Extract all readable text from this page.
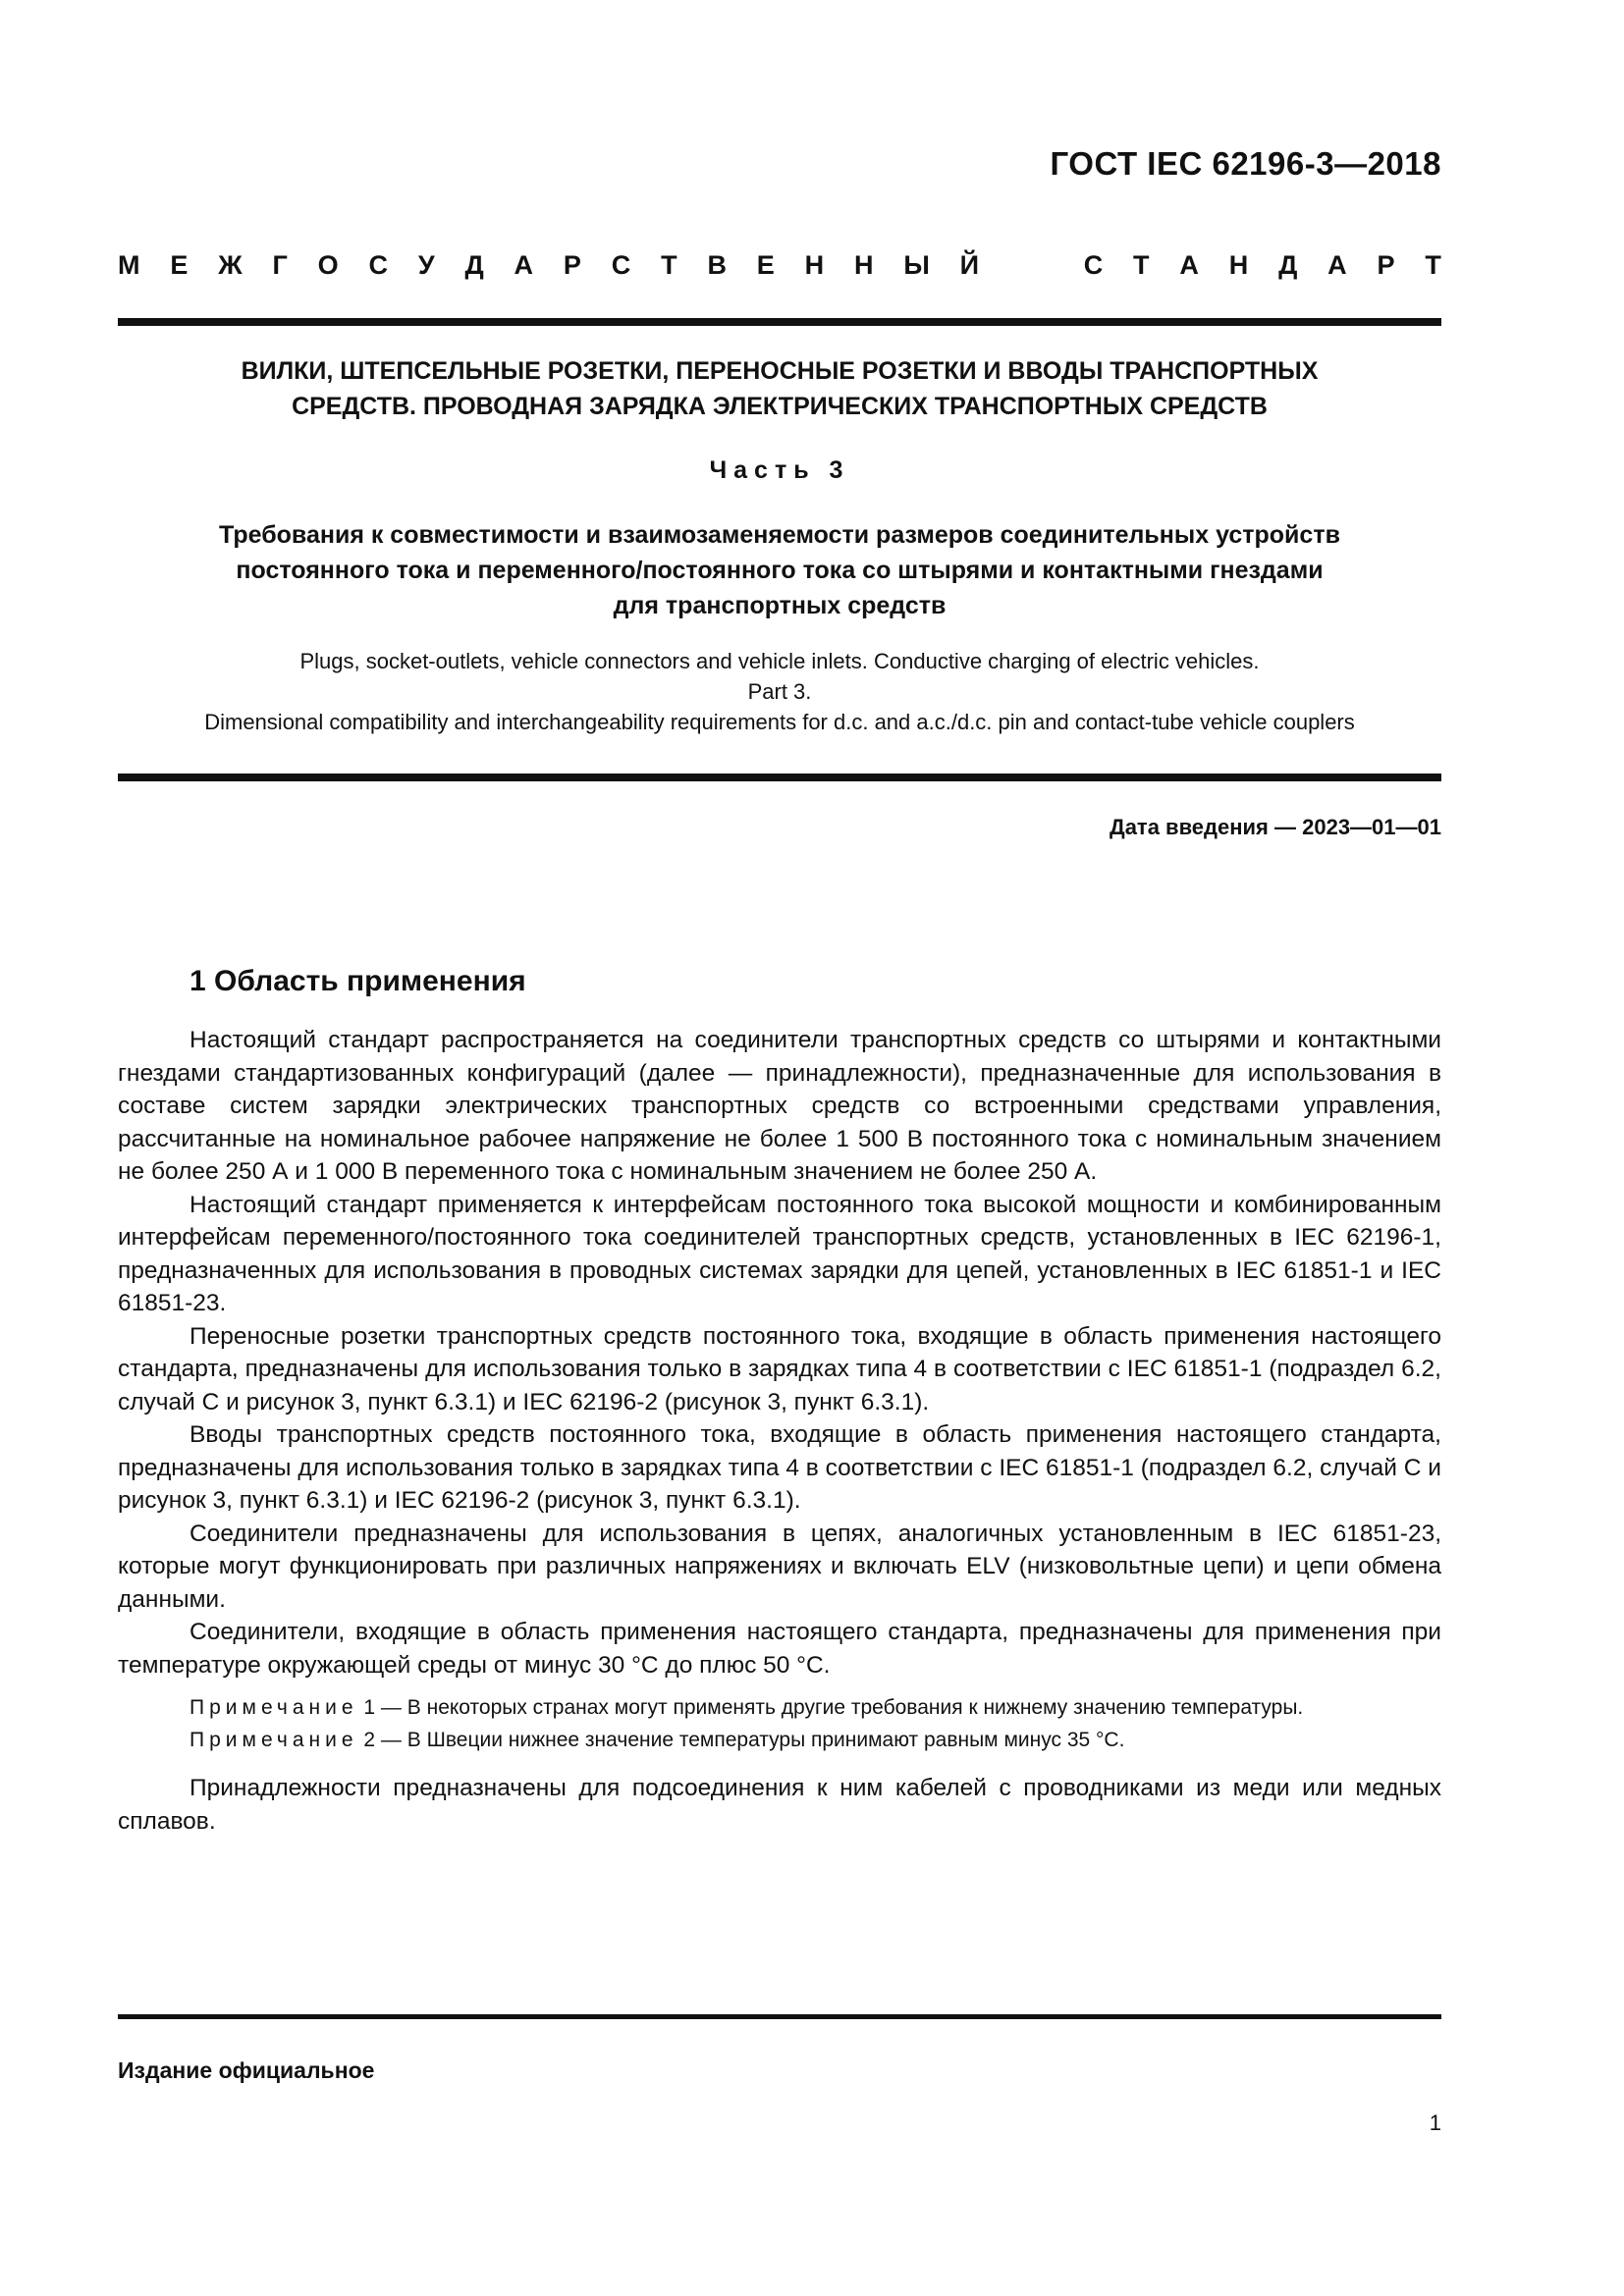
ГОСТ IEC 62196-3—2018
М Е Ж Г О С У Д А Р С Т В Е Н Н Ы Й	С Т А Н Д А Р Т
ВИЛКИ, ШТЕПСЕЛЬНЫЕ РОЗЕТКИ, ПЕРЕНОСНЫЕ РОЗЕТКИ И ВВОДЫ ТРАНСПОРТНЫХ
СРЕДСТВ. ПРОВОДНАЯ ЗАРЯДКА ЭЛЕКТРИЧЕСКИХ ТРАНСПОРТНЫХ СРЕДСТВ
Часть 3
Требования к совместимости и взаимозаменяемости размеров соединительных устройств
постоянного тока и переменного/постоянного тока со штырями и контактными гнездами
для транспортных средств
Plugs, socket-outlets, vehicle connectors and vehicle inlets. Conductive charging of electric vehicles.
Part 3.
Dimensional compatibility and interchangeability requirements for d.c. and a.c./d.c. pin and contact-tube vehicle couplers
Дата введения — 2023—01—01
1 Область применения

Настоящий стандарт распространяется на соединители транспортных средств со штырями и контактными гнездами стандартизованных конфигураций (далее — принадлежности), предназначенные для использования в составе систем зарядки электрических транспортных средств со встроенными средствами управления, рассчитанные на номинальное рабочее напряжение не более 1 500 В постоянного тока с номинальным значением не более 250 А и 1 000 В переменного тока с номинальным значением не более 250 А.

Настоящий стандарт применяется к интерфейсам постоянного тока высокой мощности и комбинированным интерфейсам переменного/постоянного тока соединителей транспортных средств, установленных в IEC 62196-1, предназначенных для использования в проводных системах зарядки для цепей, установленных в IEC 61851-1 и IEC 61851-23.

Переносные розетки транспортных средств постоянного тока, входящие в область применения настоящего стандарта, предназначены для использования только в зарядках типа 4 в соответствии с IEC 61851-1 (подраздел 6.2, случай C и рисунок 3, пункт 6.3.1) и IEC 62196-2 (рисунок 3, пункт 6.3.1).

Вводы транспортных средств постоянного тока, входящие в область применения настоящего стандарта, предназначены для использования только в зарядках типа 4 в соответствии с IEC 61851-1 (подраздел 6.2, случай C и рисунок 3, пункт 6.3.1) и IEC 62196-2 (рисунок 3, пункт 6.3.1).

Соединители предназначены для использования в цепях, аналогичных установленным в IEC 61851-23, которые могут функционировать при различных напряжениях и включать ELV (низковольтные цепи) и цепи обмена данными.

Соединители, входящие в область применения настоящего стандарта, предназначены для применения при температуре окружающей среды от минус 30 °C до плюс 50 °C.

Примечание 1 — В некоторых странах могут применять другие требования к нижнему значению температуры.

Примечание 2 — В Швеции нижнее значение температуры принимают равным минус 35 °C.

Принадлежности предназначены для подсоединения к ним кабелей с проводниками из меди или медных сплавов.

Издание официальное
1
